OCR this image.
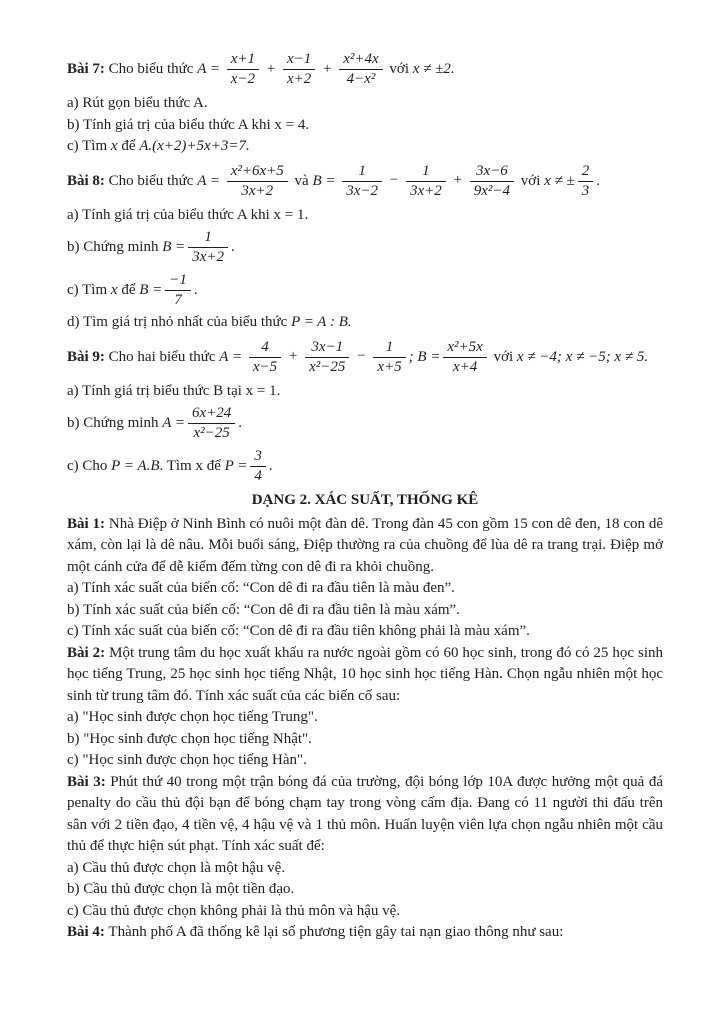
Bài 7: Cho biểu thức $A = \frac{x+1}{x-2} + \frac{x-1}{x+2} + \frac{\text{x²+4x}}{\text{4−x²}}$ với x ≠ ±2.
a) Rút gọn biểu thức A.
b) Tính giá trị của biểu thức A khi x = 4.
c) Tìm x để A.(x+2)+5x+3=7.
Bài 8: Cho biểu thức $A = \frac{\text{x²+6x+5}}{3x+2}$ và $B = \frac{1}{3x-2} - \frac{1}{3x+2} + \frac{3x-6}{\text{9x²−4}}$ với x ≠ ± $\frac{2}{3}$ .
a) Tính giá trị của biểu thức A khi x = 1.
b) Chứng minh $B = \frac{1}{3x+2}$ .
c) Tìm x để $B = \frac{-1}{7}$ .
d) Tìm giá trị nhỏ nhất của biểu thức P = A : B.
Bài 9: Cho hai biểu thức $A = \frac{4}{x-5} + \frac{3x-1}{\text{x²−25}} - \frac{1}{x+5}$ ; $B = \frac{\text{x²+5x}}{x+4}$ với x ≠ −4; x ≠ −5; x ≠ 5.
a) Tính giá trị biểu thức B tại x = 1.
b) Chứng minh $A = \frac{6x+24}{\text{x²−25}}$ .
c) Cho P = A.B. Tìm x để $P = \frac{3}{4}$ .
DẠNG 2. XÁC SUẤT, THỐNG KÊ
Bài 1: Nhà Điệp ở Ninh Bình có nuôi một đàn dê. Trong đàn 45 con gồm 15 con dê đen, 18 con dê xám, còn lại là dê nâu. Mỗi buổi sáng, Điệp thường ra của chuồng để lùa dê ra trang trại. Điệp mở một cánh cửa để dễ kiểm đếm từng con dê đi ra khỏi chuồng.
a) Tính xác suất của biến cố: “Con dê đi ra đầu tiên là màu đen”.
b) Tính xác suất của biến cố: “Con dê đi ra đầu tiên là màu xám”.
c) Tính xác suất của biến cố: “Con dê đi ra đầu tiên không phải là màu xám”.
Bài 2: Một trung tâm du học xuất khẩu ra nước ngoài gồm có 60 học sinh, trong đó có 25 học sinh học tiếng Trung, 25 học sinh học tiếng Nhật, 10 học sinh học tiếng Hàn. Chọn ngẫu nhiên một học sinh từ trung tâm đó. Tính xác suất của các biến cố sau:
a) "Học sinh được chọn học tiếng Trung".
b) "Học sinh được chọn học tiếng Nhật".
c) "Học sinh được chọn học tiếng Hàn".
Bài 3: Phút thứ 40 trong một trận bóng đá của trường, đội bóng lớp 10A được hưởng một quả đá penalty do cầu thủ đội bạn để bóng chạm tay trong vòng cấm địa. Đang có 11 người thi đấu trên sân với 2 tiền đạo, 4 tiền vệ, 4 hậu vệ và 1 thủ môn. Huấn luyện viên lựa chọn ngẫu nhiên một cầu thủ để thực hiện sút phạt. Tính xác suất để:
a) Cầu thủ được chọn là một hậu vệ.
b) Cầu thủ được chọn là một tiền đạo.
c) Cầu thủ được chọn không phải là thủ môn và hậu vệ.
Bài 4: Thành phố A đã thống kê lại số phương tiện gây tai nạn giao thông như sau:
